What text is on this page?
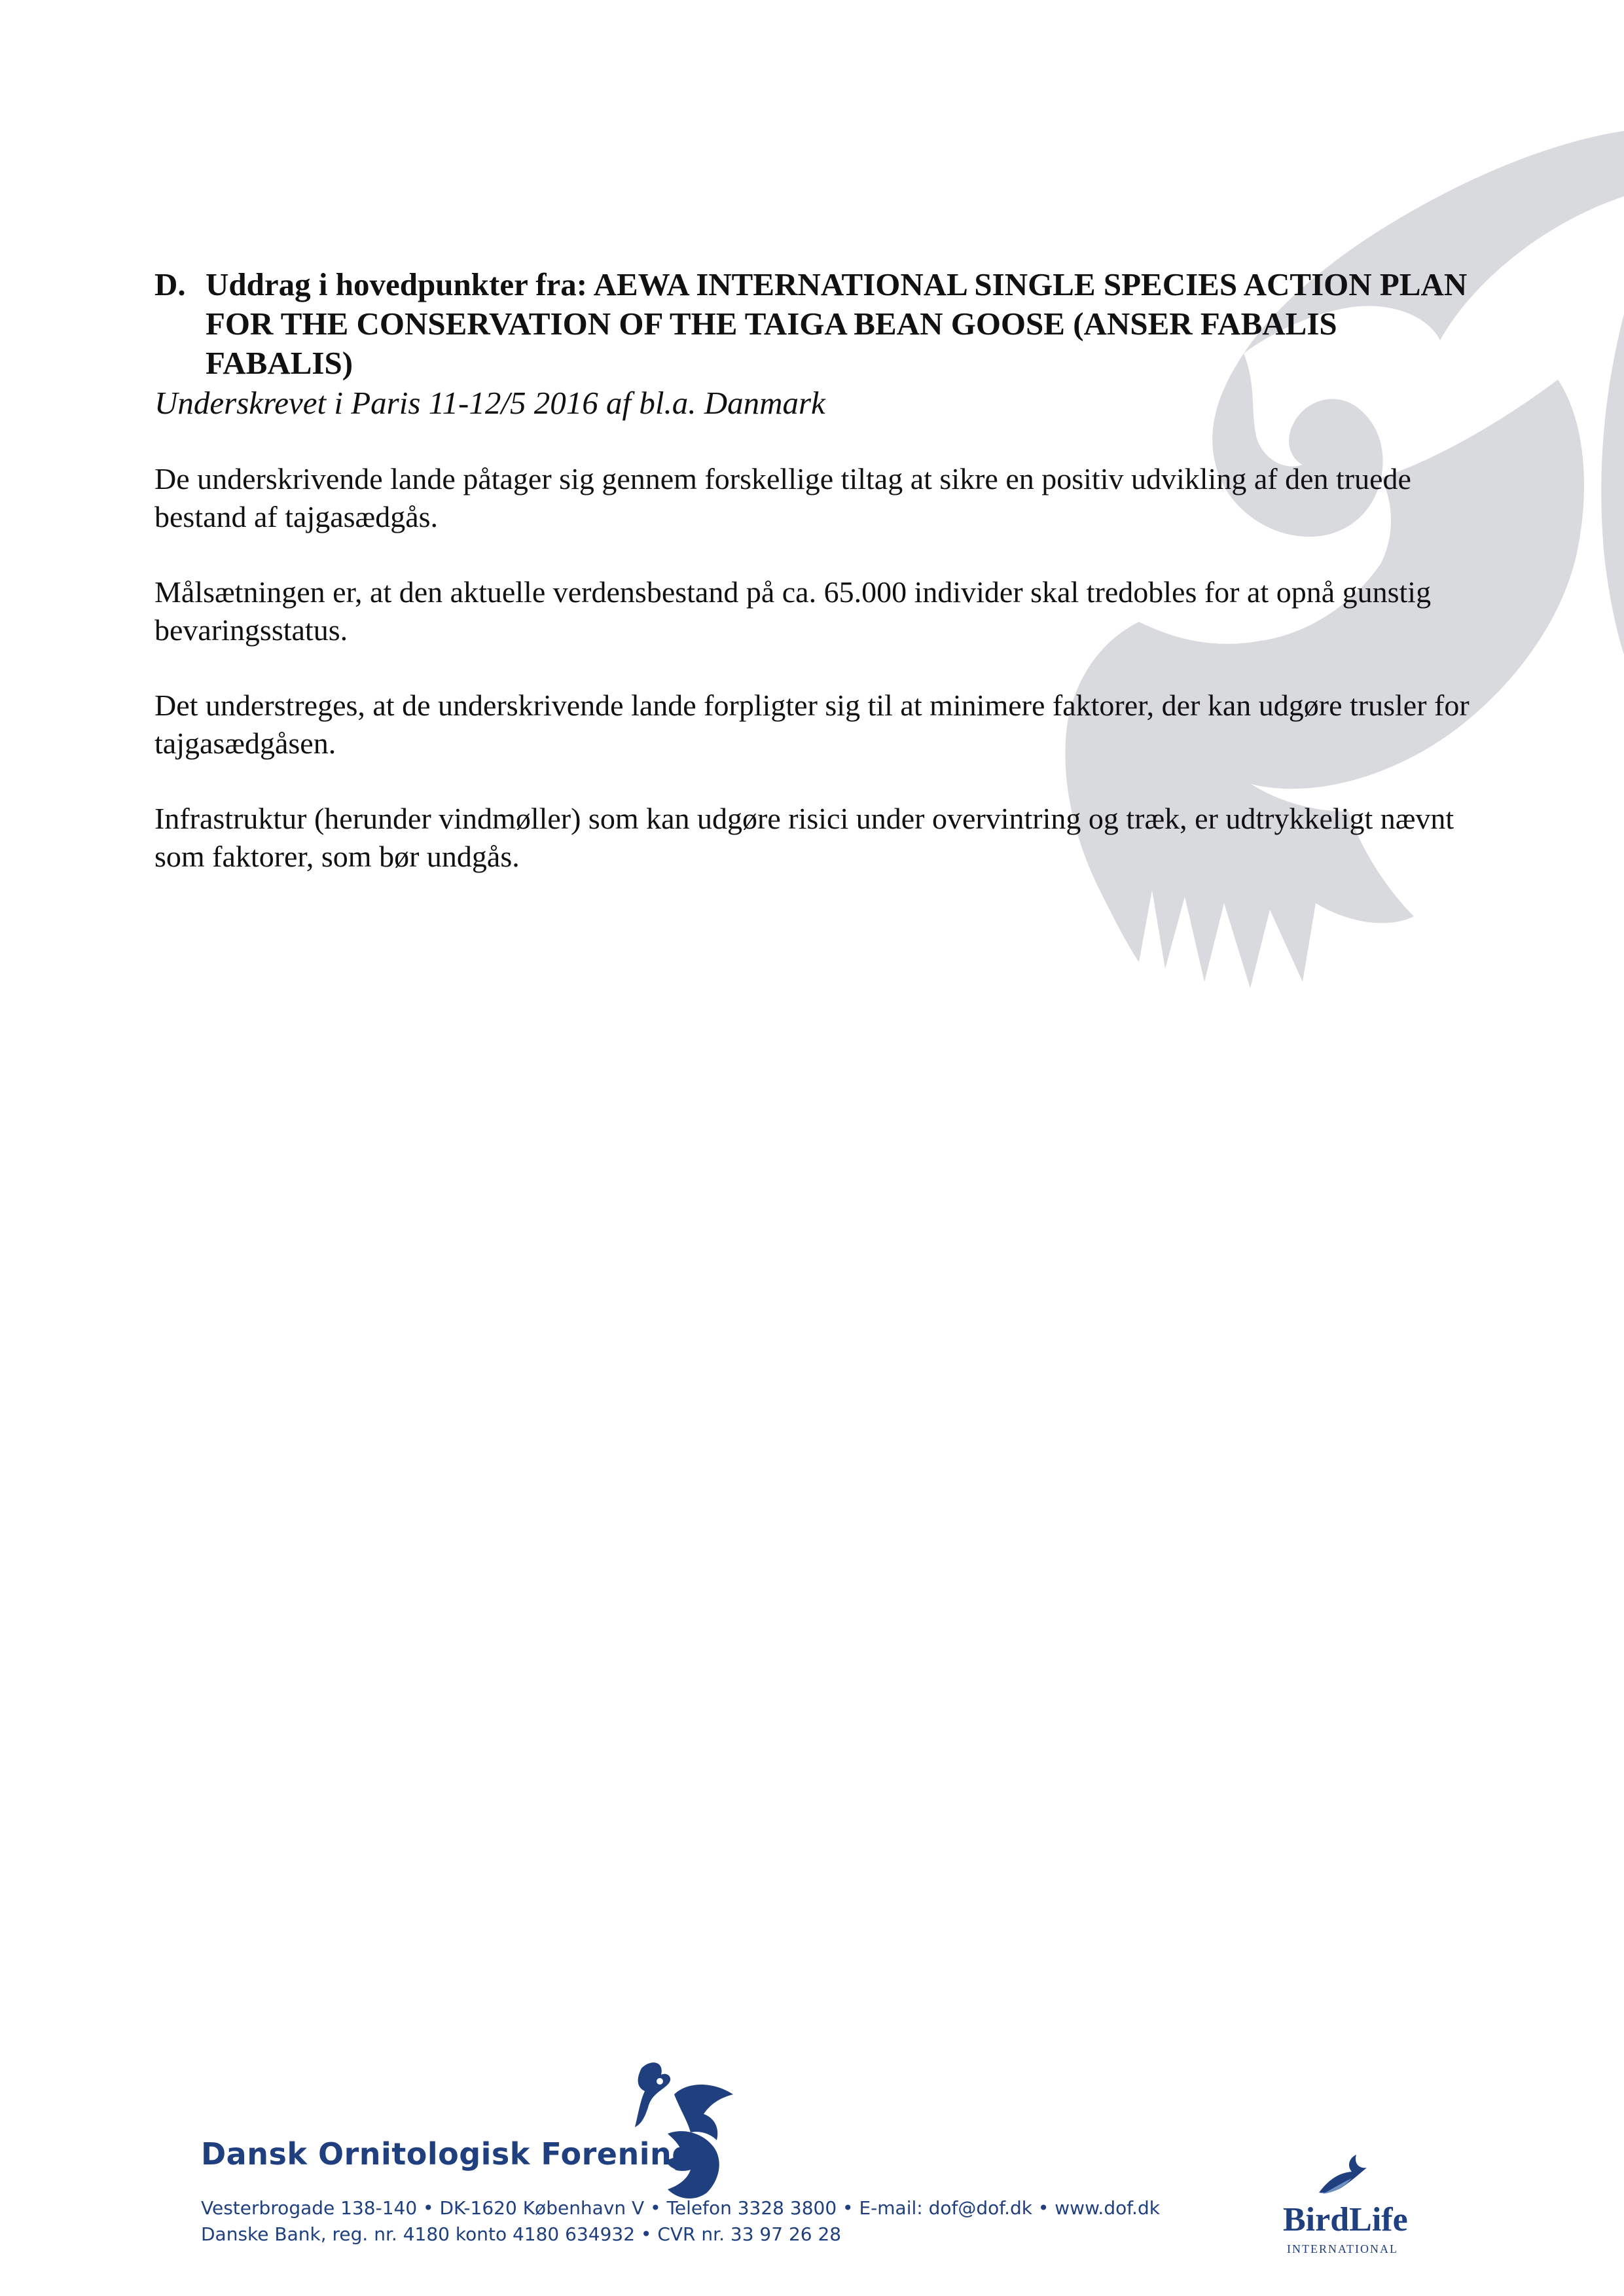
D. Uddrag i hovedpunkter fra: AEWA INTERNATIONAL SINGLE SPECIES ACTION PLAN FOR THE CONSERVATION OF THE TAIGA BEAN GOOSE (ANSER FABALIS FABALIS)

Underskrevet i Paris 11-12/5 2016 af bl.a. Danmark

De underskrivende lande påtager sig gennem forskellige tiltag at sikre en positiv udvikling af den truede bestand af tajgasædgås.

Målsætningen er, at den aktuelle verdensbestand på ca. 65.000 individer skal tredobles for at opnå gunstig bevaringsstatus.

Det understreges, at de underskrivende lande forpligter sig til at minimere faktorer, der kan udgøre trusler for tajgasædgåsen.

Infrastruktur (herunder vindmøller) som kan udgøre risici under overvintring og træk, er udtrykkeligt nævnt som faktorer, som bør undgås.

Dansk Ornitologisk Forening
Vesterbrogade 138-140 • DK-1620 København V • Telefon 3328 3800 • E-mail: dof@dof.dk • www.dof.dk
Danske Bank, reg. nr. 4180 konto 4180 634932 • CVR nr. 33 97 26 28	BirdLife
INTERNATIONAL
